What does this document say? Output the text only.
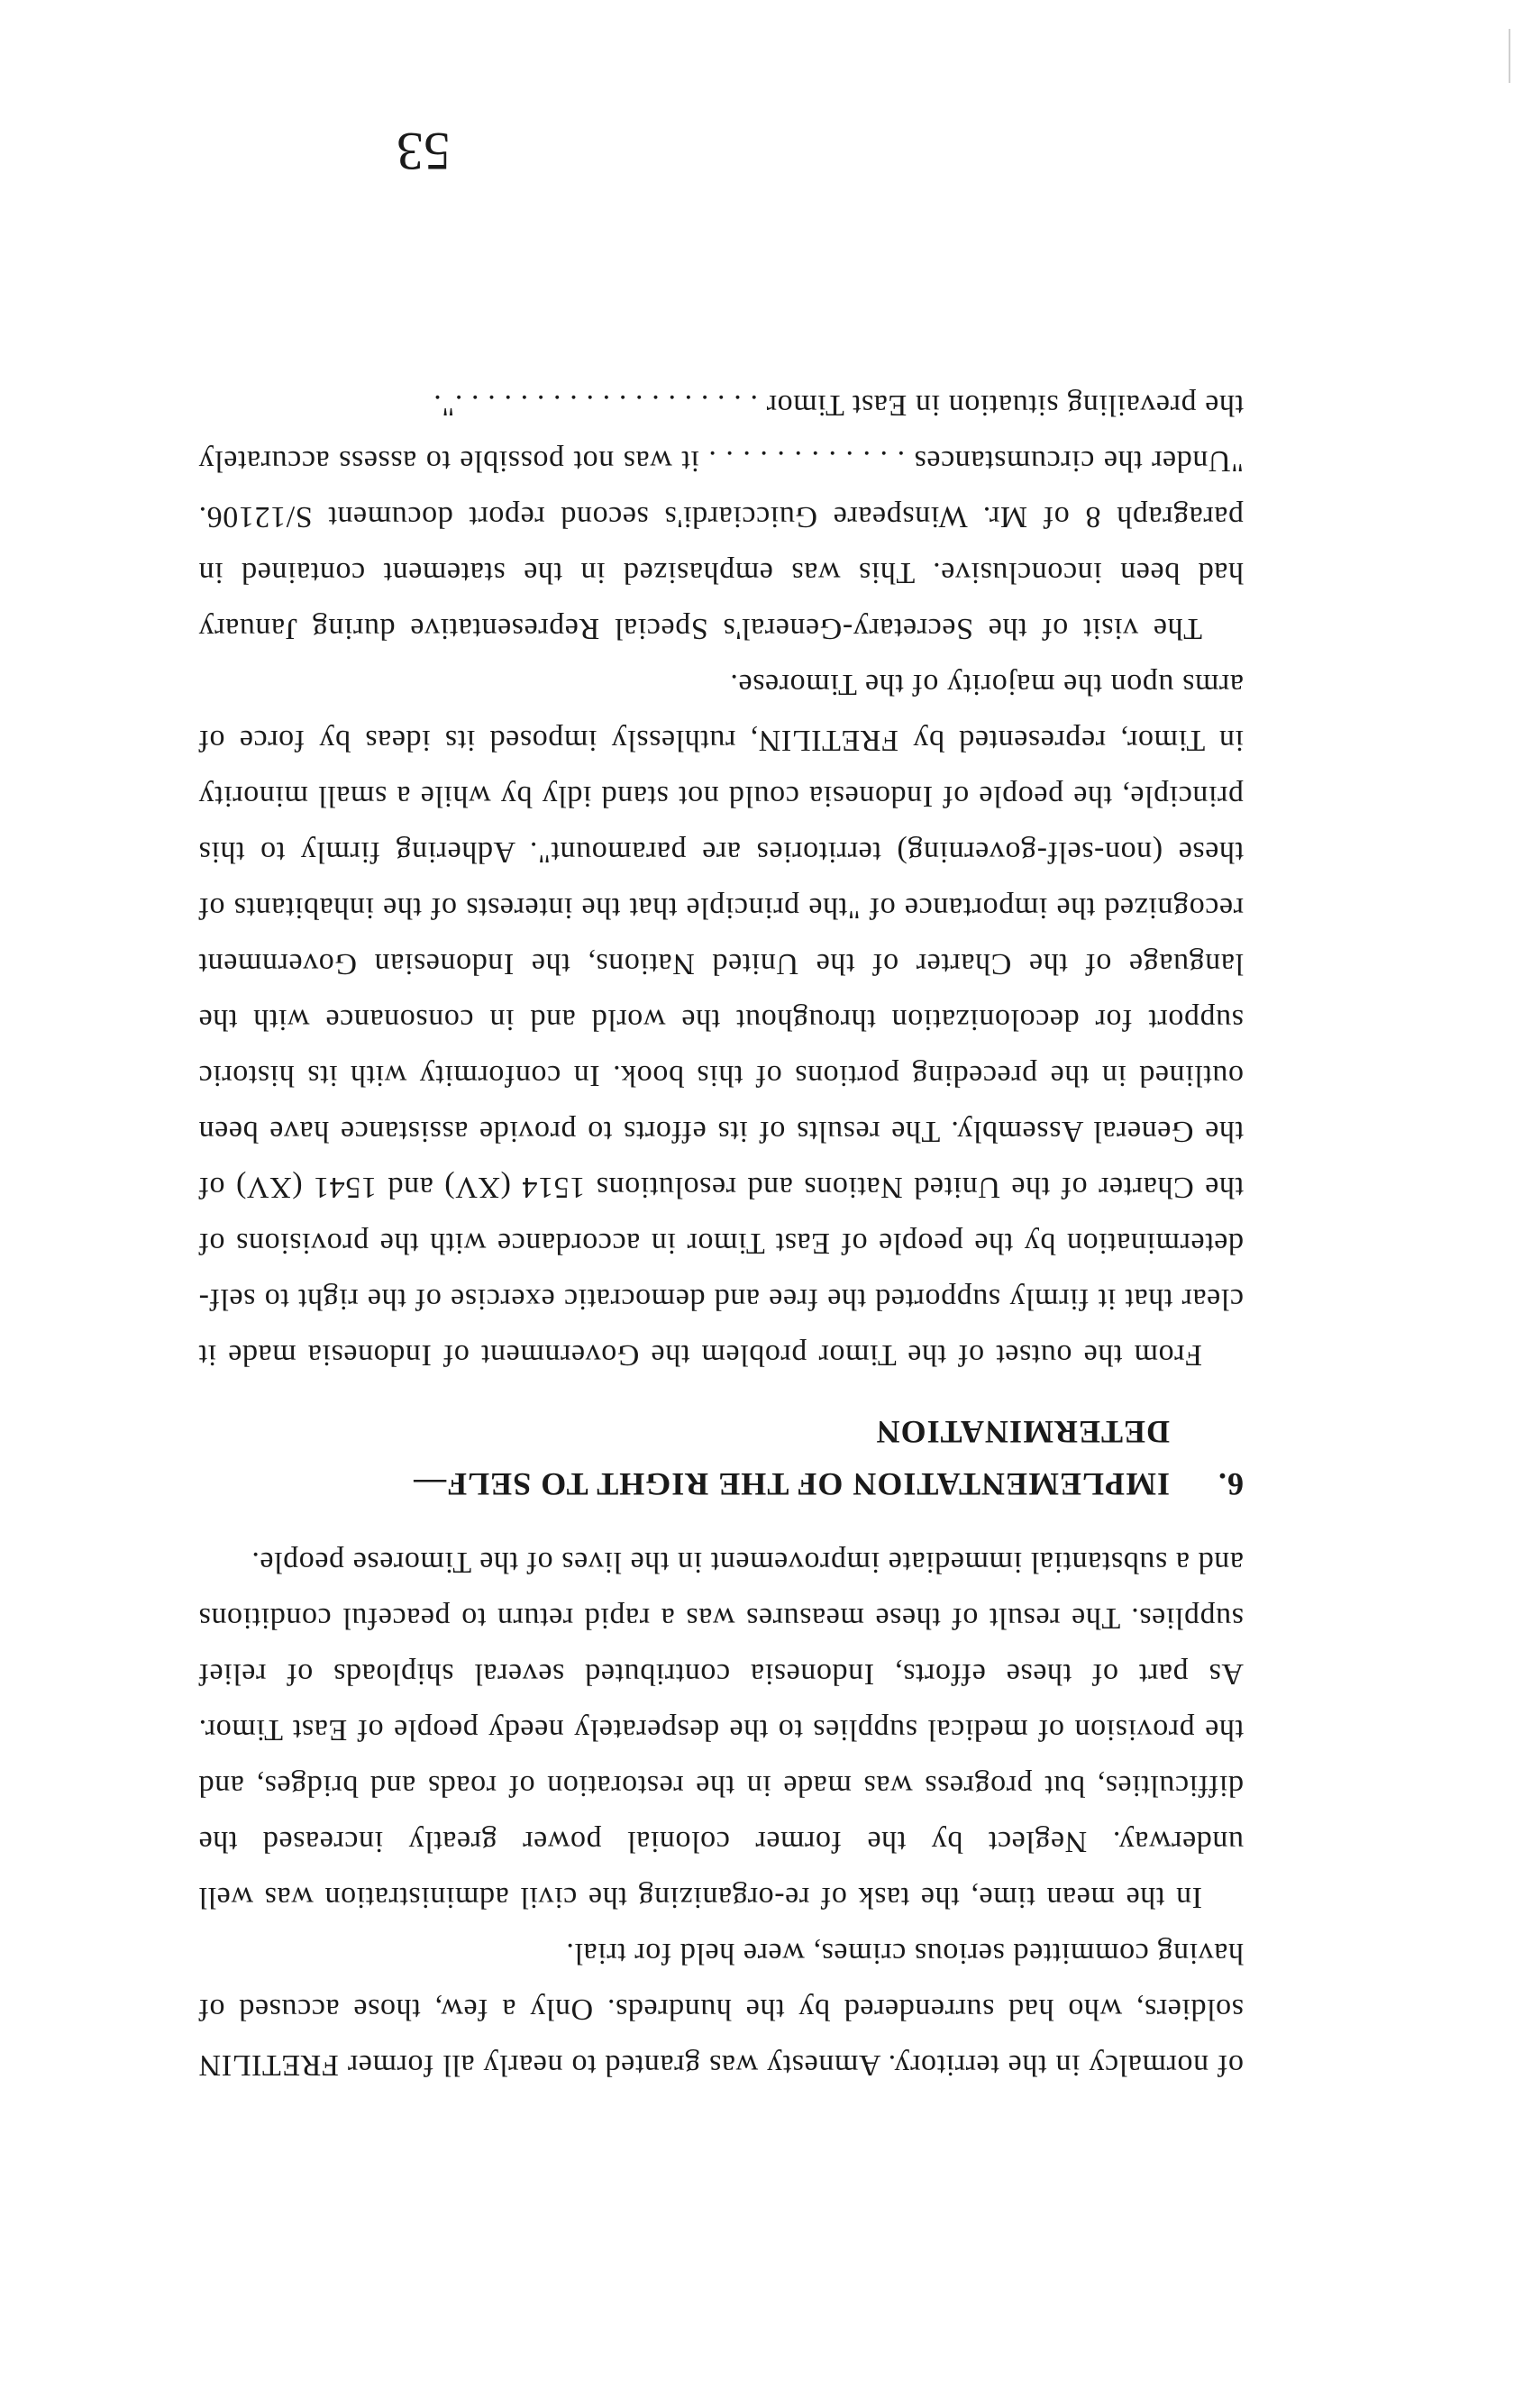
of normalcy in the territory. Amnesty was granted to nearly all former FRETILIN soldiers, who had surrendered by the hundreds. Only a few, those accused of having committed serious crimes, were held for trial.

In the mean time, the task of re-organizing the civil administration was well underway. Neglect by the former colonial power greatly increased the difficulties, but progress was made in the restoration of roads and bridges, and the provision of medical supplies to the desperately needy people of East Timor. As part of these efforts, Indonesia contributed several shiploads of relief supplies. The result of these measures was a rapid return to peaceful conditions and a substantial immediate improvement in the lives of the Timorese people.

6.
IMPLEMENTATION OF THE RIGHT TO SELF—DETERMINATION

From the outset of the Timor problem the Government of Indonesia made it clear that it firmly supported the free and democratic exercise of the right to self-determination by the people of East Timor in accordance with the provisions of the Charter of the United Nations and resolutions 1514 (XV) and 1541 (XV) of the General Assembly. The results of its efforts to provide assistance have been outlined in the preceding portions of this book. In conformity with its historic support for decolonization throughout the world and in consonance with the language of the Charter of the United Nations, the Indonesian Government recognized the importance of "the principle that the interests of the inhabitants of these (non-self-governing) territories are paramount". Adhering firmly to this principle, the people of Indonesia could not stand idly by while a small minority in Timor, represented by FRETILIN, ruthlessly imposed its ideas by force of arms upon the majority of the Timorese.

The visit of the Secretary-General's Special Representative during January had been inconclusive. This was emphasized in the statement contained in paragraph 8 of Mr. Winspeare Guicciardi's second report document S/12106. "Under the circumstances . . . . . . . . . . . . it was not possible to assess accurately the prevailing situation in East Timor . . . . . . . . . . . . . . . . . . .".

53
